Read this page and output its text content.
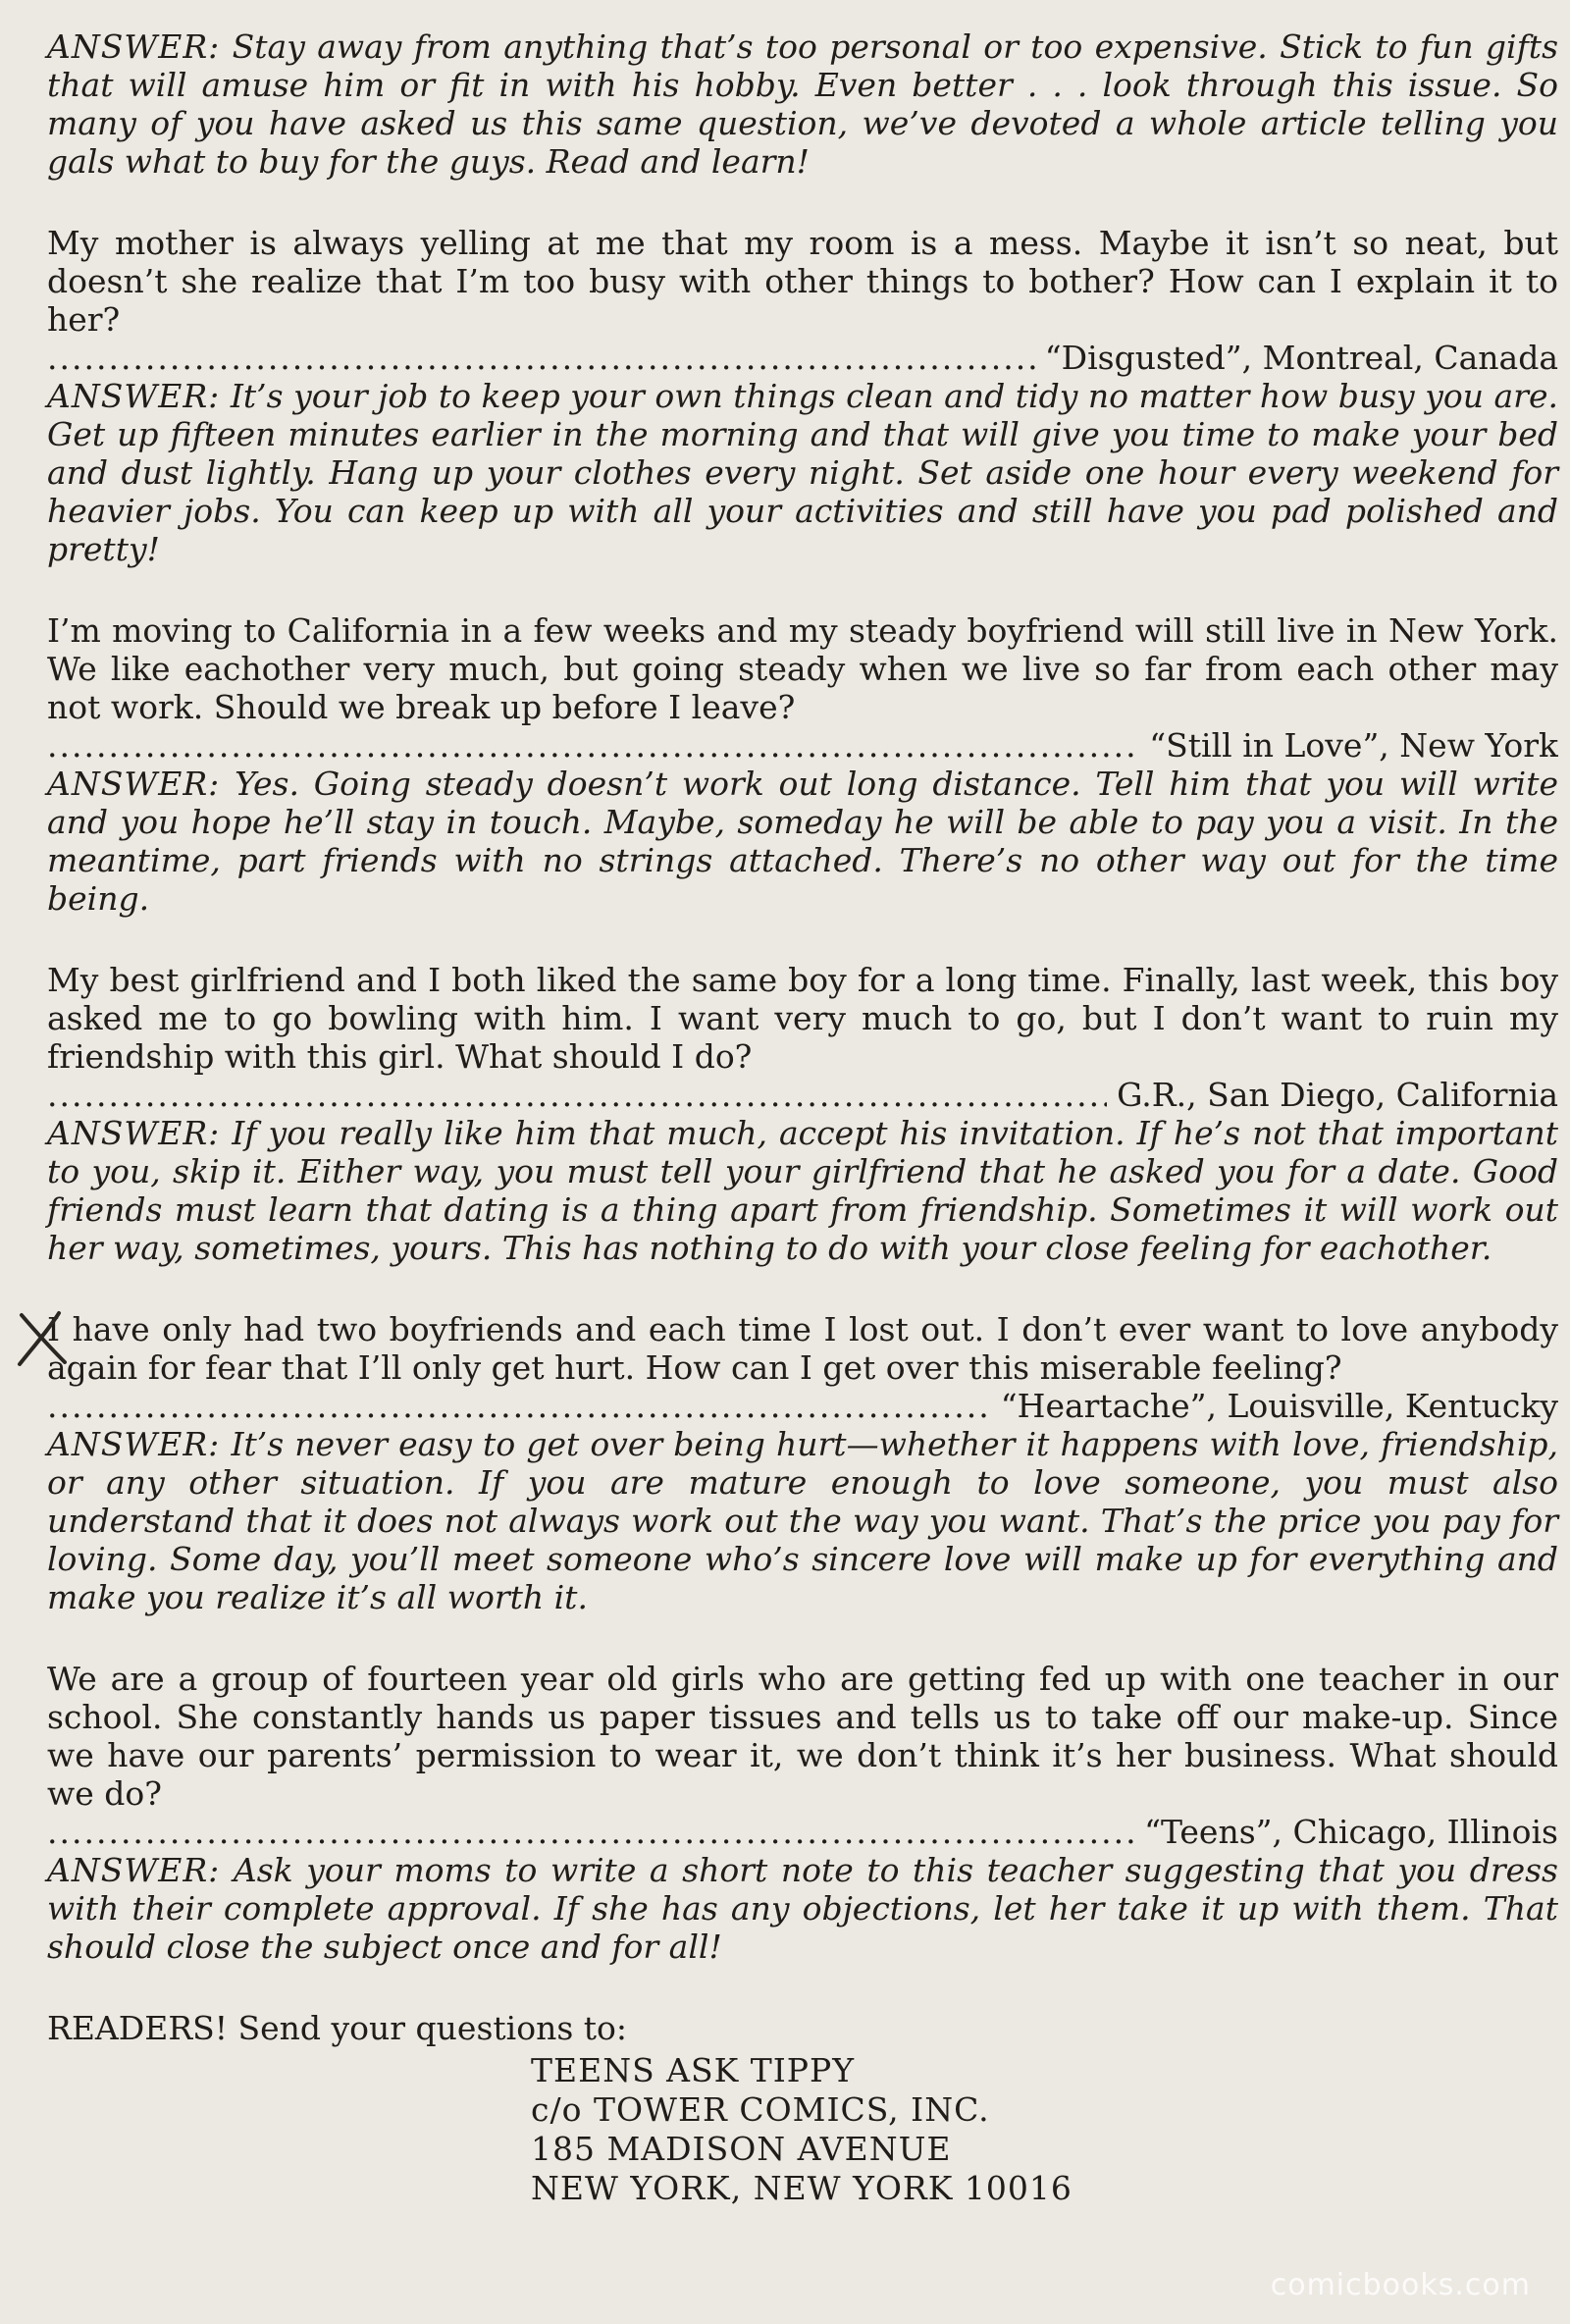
ANSWER: Stay away from anything that’s too personal or too expensive. Stick to fun gifts that will amuse him or fit in with his hobby. Even better . . . look through this issue. So many of you have asked us this same question, we’ve devoted a whole article telling you gals what to buy for the guys. Read and learn!

My mother is always yelling at me that my room is a mess. Maybe it isn’t so neat, but doesn’t she realize that I’m too busy with other things to bother? How can I explain it to her?

.....
“Disgusted”, Montreal, Canada

ANSWER: It’s your job to keep your own things clean and tidy no matter how busy you are. Get up fifteen minutes earlier in the morning and that will give you time to make your bed and dust lightly. Hang up your clothes every night. Set aside one hour every weekend for heavier jobs. You can keep up with all your activities and still have you pad polished and pretty!

I’m moving to California in a few weeks and my steady boyfriend will still live in New York. We like eachother very much, but going steady when we live so far from each other may not work. Should we break up before I leave?

.....
“Still in Love”, New York

ANSWER: Yes. Going steady doesn’t work out long distance. Tell him that you will write and you hope he’ll stay in touch. Maybe, someday he will be able to pay you a visit. In the meantime, part friends with no strings attached. There’s no other way out for the time being.

My best girlfriend and I both liked the same boy for a long time. Finally, last week, this boy asked me to go bowling with him. I want very much to go, but I don’t want to ruin my friendship with this girl. What should I do?

.....
G.R., San Diego, California

ANSWER: If you really like him that much, accept his invitation. If he’s not that important to you, skip it. Either way, you must tell your girlfriend that he asked you for a date. Good friends must learn that dating is a thing apart from friendship. Sometimes it will work out her way, sometimes, yours. This has nothing to do with your close feeling for eachother.

I have only had two boyfriends and each time I lost out. I don’t ever want to love anybody again for fear that I’ll only get hurt. How can I get over this miserable feeling?

.....
“Heartache”, Louisville, Kentucky

ANSWER: It’s never easy to get over being hurt—whether it happens with love, friendship, or any other situation. If you are mature enough to love someone, you must also understand that it does not always work out the way you want. That’s the price you pay for loving. Some day, you’ll meet someone who’s sincere love will make up for everything and make you realize it’s all worth it.

We are a group of fourteen year old girls who are getting fed up with one teacher in our school. She constantly hands us paper tissues and tells us to take off our make-up. Since we have our parents’ permission to wear it, we don’t think it’s her business. What should we do?

.....
“Teens”, Chicago, Illinois

ANSWER: Ask your moms to write a short note to this teacher suggesting that you dress with their complete approval. If she has any objections, let her take it up with them. That should close the subject once and for all!

READERS! Send your questions to:
TEENS ASK TIPPY
c/o TOWER COMICS, INC.
185 MADISON AVENUE
NEW YORK, NEW YORK 10016
comicbooks.com
